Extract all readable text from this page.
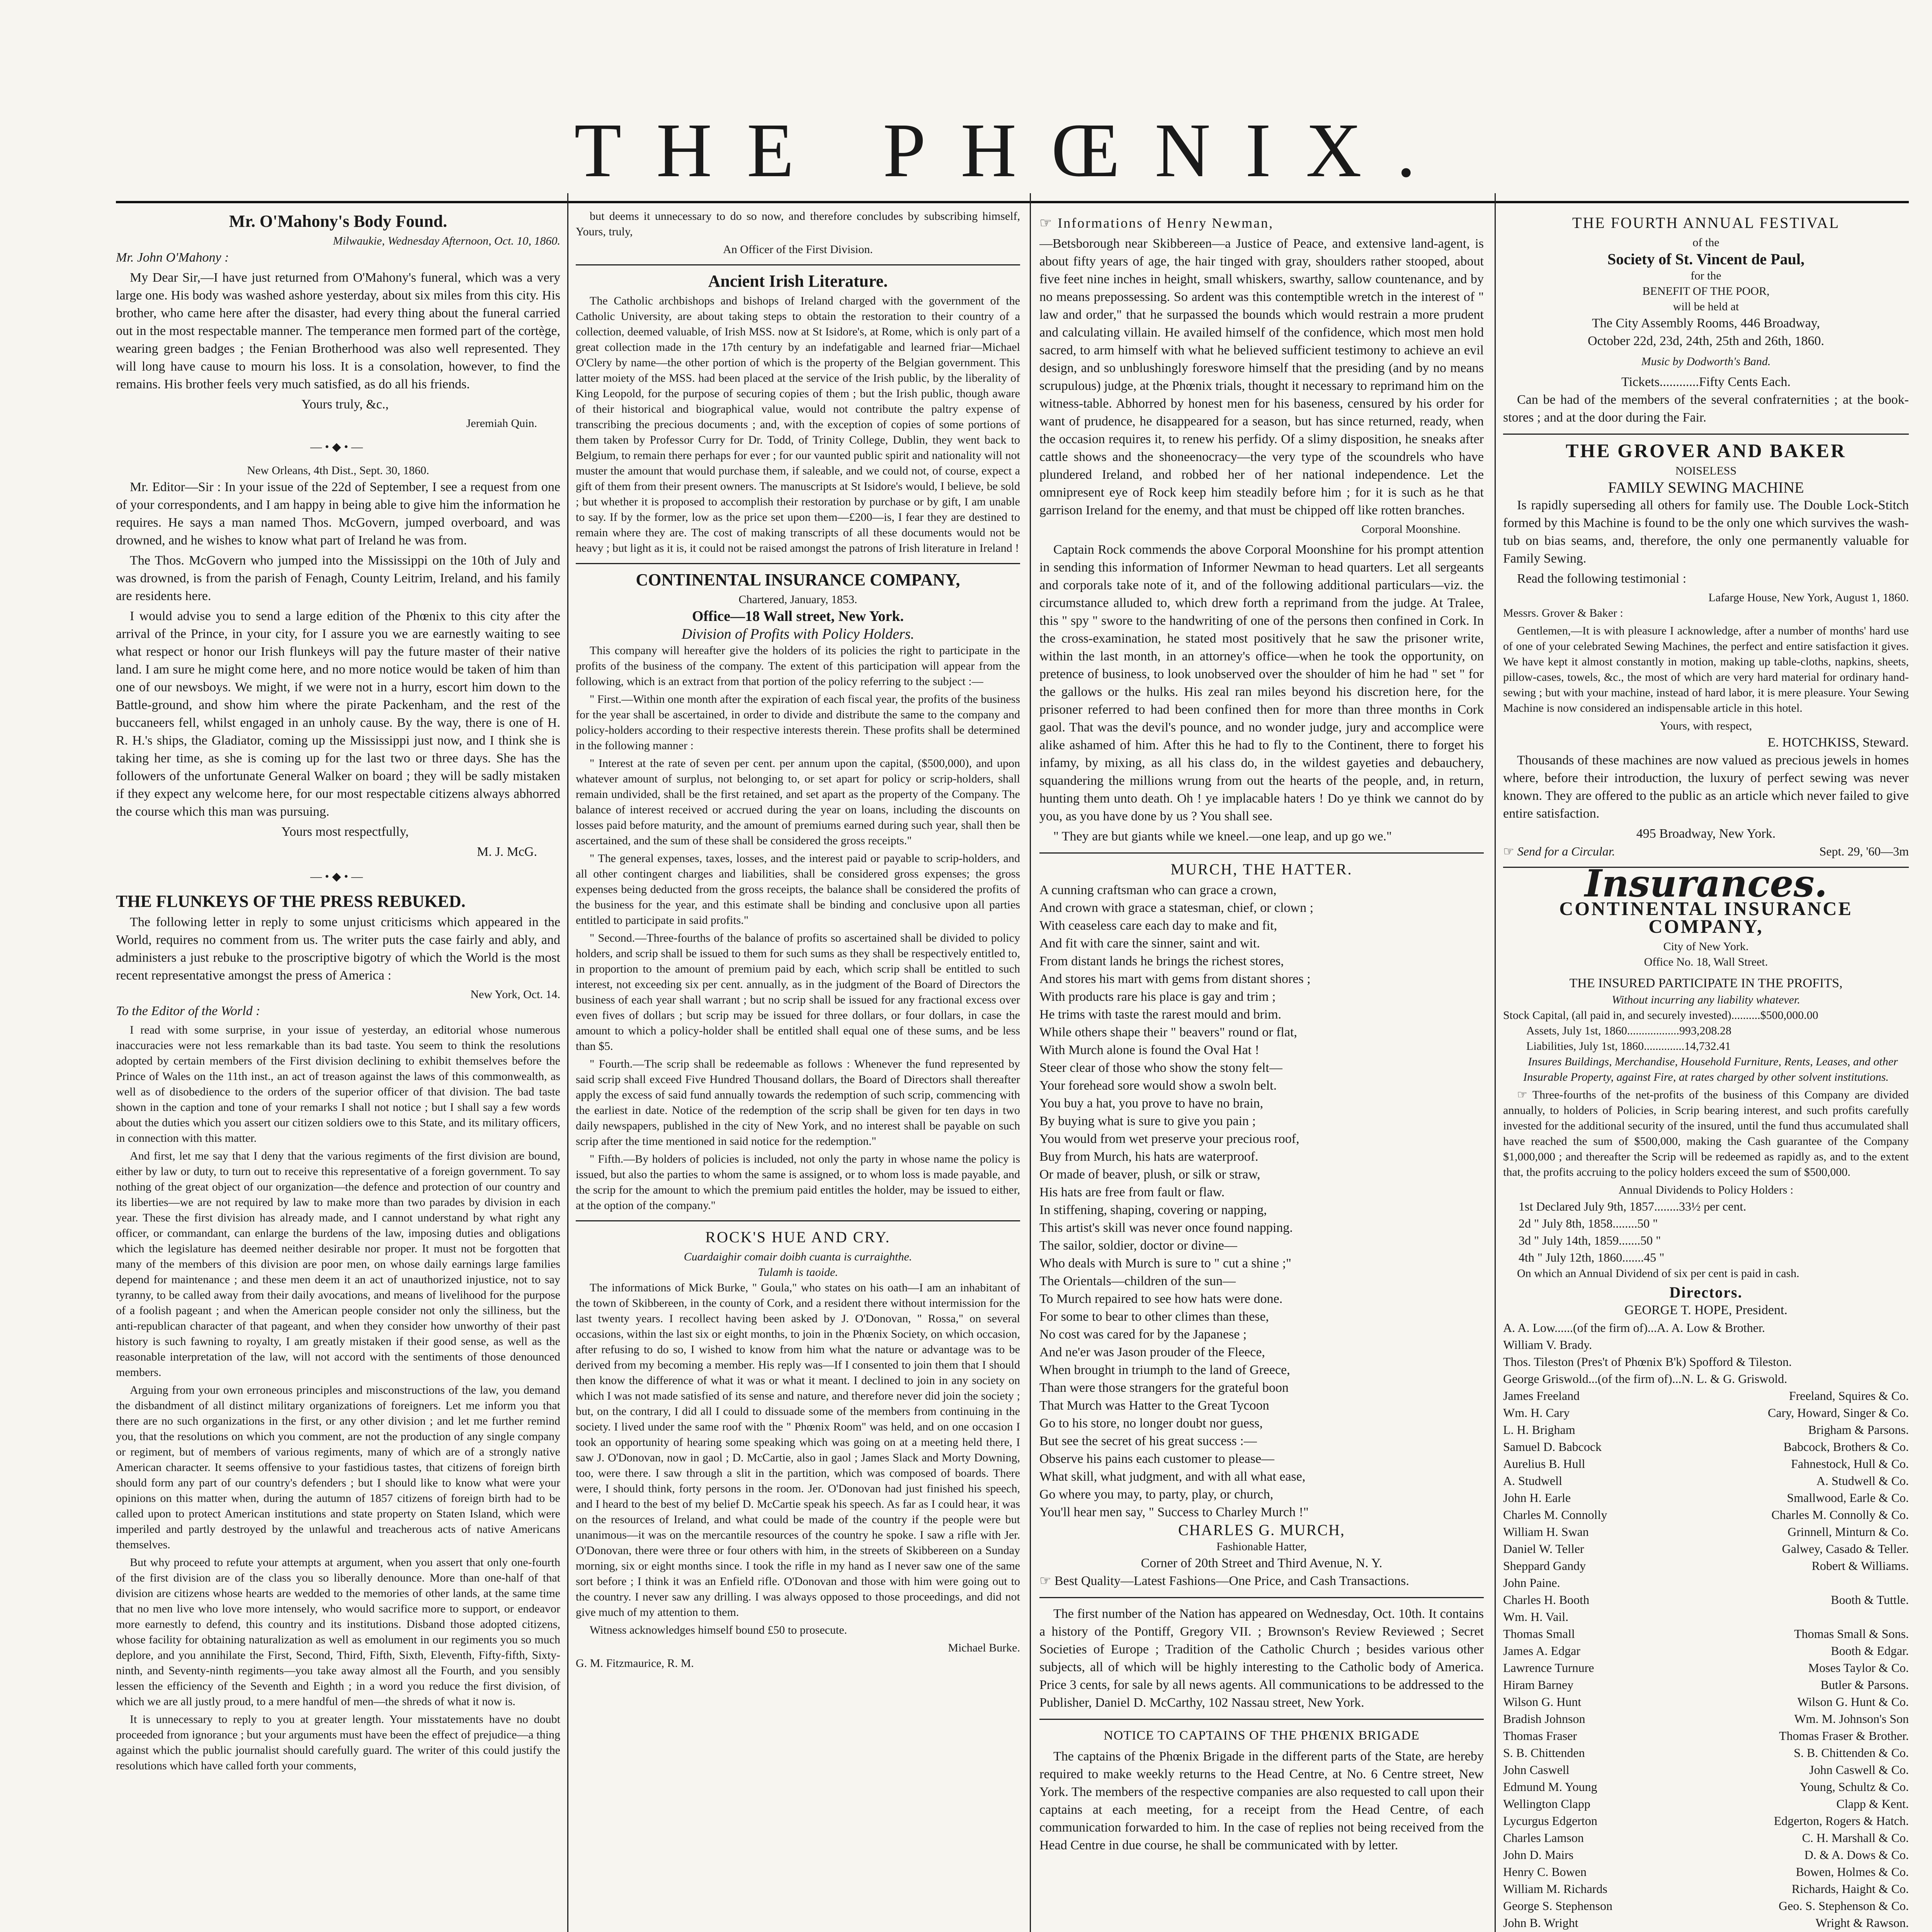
THE PHŒNIX.
Mr. O'Mahony's Body Found.
Milwaukie, Wednesday Afternoon, Oct. 10, 1860.

Mr. John O'Mahony :

My Dear Sir,—I have just returned from O'Mahony's funeral, which was a very large one. His body was washed ashore yesterday, about six miles from this city. His brother, who came here after the disaster, had every thing about the funeral carried out in the most respectable manner. The temperance men formed part of the cortège, wearing green badges ; the Fenian Brotherhood was also well represented. They will long have cause to mourn his loss. It is a consolation, however, to find the remains. His brother feels very much satisfied, as do all his friends.

Yours truly, &c.,

Jeremiah Quin.
—•◆•—
New Orleans, 4th Dist., Sept. 30, 1860.

Mr. Editor—Sir : In your issue of the 22d of September, I see a request from one of your correspondents, and I am happy in being able to give him the information he requires. He says a man named Thos. McGovern, jumped overboard, and was drowned, and he wishes to know what part of Ireland he was from.

The Thos. McGovern who jumped into the Mississippi on the 10th of July and was drowned, is from the parish of Fenagh, County Leitrim, Ireland, and his family are residents here.

I would advise you to send a large edition of the Phœnix to this city after the arrival of the Prince, in your city, for I assure you we are earnestly waiting to see what respect or honor our Irish flunkeys will pay the future master of their native land. I am sure he might come here, and no more notice would be taken of him than one of our newsboys. We might, if we were not in a hurry, escort him down to the Battle-ground, and show him where the pirate Packenham, and the rest of the buccaneers fell, whilst engaged in an unholy cause. By the way, there is one of H. R. H.'s ships, the Gladiator, coming up the Mississippi just now, and I think she is taking her time, as she is coming up for the last two or three days. She has the followers of the unfortunate General Walker on board ; they will be sadly mistaken if they expect any welcome here, for our most respectable citizens always abhorred the course which this man was pursuing.

Yours most respectfully,

M. J. McG.
—•◆•—
THE FLUNKEYS OF THE PRESS REBUKED.

The following letter in reply to some unjust criticisms which appeared in the World, requires no comment from us. The writer puts the case fairly and ably, and administers a just rebuke to the proscriptive bigotry of which the World is the most recent representative amongst the press of America :

New York, Oct. 14.

To the Editor of the World :

I read with some surprise, in your issue of yesterday, an editorial whose numerous inaccuracies were not less remarkable than its bad taste. You seem to think the resolutions adopted by certain members of the First division declining to exhibit themselves before the Prince of Wales on the 11th inst., an act of treason against the laws of this commonwealth, as well as of disobedience to the orders of the superior officer of that division. The bad taste shown in the caption and tone of your remarks I shall not notice ; but I shall say a few words about the duties which you assert our citizen soldiers owe to this State, and its military officers, in connection with this matter.

And first, let me say that I deny that the various regiments of the first division are bound, either by law or duty, to turn out to receive this representative of a foreign government. To say nothing of the great object of our organization—the defence and protection of our country and its liberties—we are not required by law to make more than two parades by division in each year. These the first division has already made, and I cannot understand by what right any officer, or commandant, can enlarge the burdens of the law, imposing duties and obligations which the legislature has deemed neither desirable nor proper. It must not be forgotten that many of the members of this division are poor men, on whose daily earnings large families depend for maintenance ; and these men deem it an act of unauthorized injustice, not to say tyranny, to be called away from their daily avocations, and means of livelihood for the purpose of a foolish pageant ; and when the American people consider not only the silliness, but the anti-republican character of that pageant, and when they consider how unworthy of their past history is such fawning to royalty, I am greatly mistaken if their good sense, as well as the reasonable interpretation of the law, will not accord with the sentiments of those denounced members.

Arguing from your own erroneous principles and misconstructions of the law, you demand the disbandment of all distinct military organizations of foreigners. Let me inform you that there are no such organizations in the first, or any other division ; and let me further remind you, that the resolutions on which you comment, are not the production of any single company or regiment, but of members of various regiments, many of which are of a strongly native American character. It seems offensive to your fastidious tastes, that citizens of foreign birth should form any part of our country's defenders ; but I should like to know what were your opinions on this matter when, during the autumn of 1857 citizens of foreign birth had to be called upon to protect American institutions and state property on Staten Island, which were imperiled and partly destroyed by the unlawful and treacherous acts of native Americans themselves.

But why proceed to refute your attempts at argument, when you assert that only one-fourth of the first division are of the class you so liberally denounce. More than one-half of that division are citizens whose hearts are wedded to the memories of other lands, at the same time that no men live who love more intensely, who would sacrifice more to support, or endeavor more earnestly to defend, this country and its institutions. Disband those adopted citizens, whose facility for obtaining naturalization as well as emolument in our regiments you so much deplore, and you annihilate the First, Second, Third, Fifth, Sixth, Eleventh, Fifty-fifth, Sixty-ninth, and Seventy-ninth regiments—you take away almost all the Fourth, and you sensibly lessen the efficiency of the Seventh and Eighth ; in a word you reduce the first division, of which we are all justly proud, to a mere handful of men—the shreds of what it now is.

It is unnecessary to reply to you at greater length. Your misstatements have no doubt proceeded from ignorance ; but your arguments must have been the effect of prejudice—a thing against which the public journalist should carefully guard. The writer of this could justify the resolutions which have called forth your comments,

but deems it unnecessary to do so now, and therefore concludes by subscribing himself, Yours, truly,

An Officer of the First Division.
Ancient Irish Literature.

The Catholic archbishops and bishops of Ireland charged with the government of the Catholic University, are about taking steps to obtain the restoration to their country of a collection, deemed valuable, of Irish MSS. now at St Isidore's, at Rome, which is only part of a great collection made in the 17th century by an indefatigable and learned friar—Michael O'Clery by name—the other portion of which is the property of the Belgian government. This latter moiety of the MSS. had been placed at the service of the Irish public, by the liberality of King Leopold, for the purpose of securing copies of them ; but the Irish public, though aware of their historical and biographical value, would not contribute the paltry expense of transcribing the precious documents ; and, with the exception of copies of some portions of them taken by Professor Curry for Dr. Todd, of Trinity College, Dublin, they went back to Belgium, to remain there perhaps for ever ; for our vaunted public spirit and nationality will not muster the amount that would purchase them, if saleable, and we could not, of course, expect a gift of them from their present owners. The manuscripts at St Isidore's would, I believe, be sold ; but whether it is proposed to accomplish their restoration by purchase or by gift, I am unable to say. If by the former, low as the price set upon them—£200—is, I fear they are destined to remain where they are. The cost of making transcripts of all these documents would not be heavy ; but light as it is, it could not be raised amongst the patrons of Irish literature in Ireland !

CONTINENTAL INSURANCE COMPANY,
Chartered, January, 1853.
Office—18 Wall street, New York.
Division of Profits with Policy Holders.

This company will hereafter give the holders of its policies the right to participate in the profits of the business of the company. The extent of this participation will appear from the following, which is an extract from that portion of the policy referring to the subject :—

" First.—Within one month after the expiration of each fiscal year, the profits of the business for the year shall be ascertained, in order to divide and distribute the same to the company and policy-holders according to their respective interests therein. These profits shall be determined in the following manner :

" Interest at the rate of seven per cent. per annum upon the capital, ($500,000), and upon whatever amount of surplus, not belonging to, or set apart for policy or scrip-holders, shall remain undivided, shall be the first retained, and set apart as the property of the Company. The balance of interest received or accrued during the year on loans, including the discounts on losses paid before maturity, and the amount of premiums earned during such year, shall then be ascertained, and the sum of these shall be considered the gross receipts."

" The general expenses, taxes, losses, and the interest paid or payable to scrip-holders, and all other contingent charges and liabilities, shall be considered gross expenses; the gross expenses being deducted from the gross receipts, the balance shall be considered the profits of the business for the year, and this estimate shall be binding and conclusive upon all parties entitled to participate in said profits."

" Second.—Three-fourths of the balance of profits so ascertained shall be divided to policy holders, and scrip shall be issued to them for such sums as they shall be respectively entitled to, in proportion to the amount of premium paid by each, which scrip shall be entitled to such interest, not exceeding six per cent. annually, as in the judgment of the Board of Directors the business of each year shall warrant ; but no scrip shall be issued for any fractional excess over even fives of dollars ; but scrip may be issued for three dollars, or four dollars, in case the amount to which a policy-holder shall be entitled shall equal one of these sums, and be less than $5.

" Fourth.—The scrip shall be redeemable as follows : Whenever the fund represented by said scrip shall exceed Five Hundred Thousand dollars, the Board of Directors shall thereafter apply the excess of said fund annually towards the redemption of such scrip, commencing with the earliest in date. Notice of the redemption of the scrip shall be given for ten days in two daily newspapers, published in the city of New York, and no interest shall be payable on such scrip after the time mentioned in said notice for the redemption."

" Fifth.—By holders of policies is included, not only the party in whose name the policy is issued, but also the parties to whom the same is assigned, or to whom loss is made payable, and the scrip for the amount to which the premium paid entitles the holder, may be issued to either, at the option of the company."

ROCK'S HUE AND CRY.
Cuardaighir comair doibh cuanta is curraighthe.
Tulamh is taoide.

The informations of Mick Burke, " Goula," who states on his oath—I am an inhabitant of the town of Skibbereen, in the county of Cork, and a resident there without intermission for the last twenty years. I recollect having been asked by J. O'Donovan, " Rossa," on several occasions, within the last six or eight months, to join in the Phœnix Society, on which occasion, after refusing to do so, I wished to know from him what the nature or advantage was to be derived from my becoming a member. His reply was—If I consented to join them that I should then know the difference of what it was or what it meant. I declined to join in any society on which I was not made satisfied of its sense and nature, and therefore never did join the society ; but, on the contrary, I did all I could to dissuade some of the members from continuing in the society. I lived under the same roof with the " Phœnix Room" was held, and on one occasion I took an opportunity of hearing some speaking which was going on at a meeting held there, I saw J. O'Donovan, now in gaol ; D. McCartie, also in gaol ; James Slack and Morty Downing, too, were there. I saw through a slit in the partition, which was composed of boards. There were, I should think, forty persons in the room. Jer. O'Donovan had just finished his speech, and I heard to the best of my belief D. McCartie speak his speech. As far as I could hear, it was on the resources of Ireland, and what could be made of the country if the people were but unanimous—it was on the mercantile resources of the country he spoke. I saw a rifle with Jer. O'Donovan, there were three or four others with him, in the streets of Skibbereen on a Sunday morning, six or eight months since. I took the rifle in my hand as I never saw one of the same sort before ; I think it was an Enfield rifle. O'Donovan and those with him were going out to the country. I never saw any drilling. I was always opposed to those proceedings, and did not give much of my attention to them.

Witness acknowledges himself bound £50 to prosecute.

Michael Burke.
G. M. Fitzmaurice, R. M.
☞ Informations of Henry Newman,

—Betsborough near Skibbereen—a Justice of Peace, and extensive land-agent, is about fifty years of age, the hair tinged with gray, shoulders rather stooped, about five feet nine inches in height, small whiskers, swarthy, sallow countenance, and by no means prepossessing. So ardent was this contemptible wretch in the interest of " law and order," that he surpassed the bounds which would restrain a more prudent and calculating villain. He availed himself of the confidence, which most men hold sacred, to arm himself with what he believed sufficient testimony to achieve an evil design, and so unblushingly foreswore himself that the presiding (and by no means scrupulous) judge, at the Phœnix trials, thought it necessary to reprimand him on the witness-table. Abhorred by honest men for his baseness, censured by his order for want of prudence, he disappeared for a season, but has since returned, ready, when the occasion requires it, to renew his perfidy. Of a slimy disposition, he sneaks after cattle shows and the shoneenocracy—the very type of the scoundrels who have plundered Ireland, and robbed her of her national independence. Let the omnipresent eye of Rock keep him steadily before him ; for it is such as he that garrison Ireland for the enemy, and that must be chipped off like rotten branches.

Corporal Moonshine.

Captain Rock commends the above Corporal Moonshine for his prompt attention in sending this information of Informer Newman to head quarters. Let all sergeants and corporals take note of it, and of the following additional particulars—viz. the circumstance alluded to, which drew forth a reprimand from the judge. At Tralee, this " spy " swore to the handwriting of one of the persons then confined in Cork. In the cross-examination, he stated most positively that he saw the prisoner write, within the last month, in an attorney's office—when he took the opportunity, on pretence of business, to look unobserved over the shoulder of him he had " set " for the gallows or the hulks. His zeal ran miles beyond his discretion here, for the prisoner referred to had been confined then for more than three months in Cork gaol. That was the devil's pounce, and no wonder judge, jury and accomplice were alike ashamed of him. After this he had to fly to the Continent, there to forget his infamy, by mixing, as all his class do, in the wildest gayeties and debauchery, squandering the millions wrung from out the hearts of the people, and, in return, hunting them unto death. Oh ! ye implacable haters ! Do ye think we cannot do by you, as you have done by us ? You shall see.

" They are but giants while we kneel.—one leap, and up go we."

MURCH, THE HATTER.
A cunning craftsman who can grace a crown,
And crown with grace a statesman, chief, or clown ;
With ceaseless care each day to make and fit,
And fit with care the sinner, saint and wit.
From distant lands he brings the richest stores,
And stores his mart with gems from distant shores ;
With products rare his place is gay and trim ;
He trims with taste the rarest mould and brim.
While others shape their " beavers" round or flat,
With Murch alone is found the Oval Hat !
Steer clear of those who show the stony felt—
Your forehead sore would show a swoln belt.
You buy a hat, you prove to have no brain,
By buying what is sure to give you pain ;
You would from wet preserve your precious roof,
Buy from Murch, his hats are waterproof.
Or made of beaver, plush, or silk or straw,
His hats are free from fault or flaw.
In stiffening, shaping, covering or napping,
This artist's skill was never once found napping.
The sailor, soldier, doctor or divine—
Who deals with Murch is sure to " cut a shine ;"
The Orientals—children of the sun—
To Murch repaired to see how hats were done.
For some to bear to other climes than these,
No cost was cared for by the Japanese ;
And ne'er was Jason prouder of the Fleece,
When brought in triumph to the land of Greece,
Than were those strangers for the grateful boon
That Murch was Hatter to the Great Tycoon
Go to his store, no longer doubt nor guess,
But see the secret of his great success :—
Observe his pains each customer to please—
What skill, what judgment, and with all what ease,
Go where you may, to party, play, or church,
You'll hear men say, " Success to Charley Murch !"
CHARLES G. MURCH,
Fashionable Hatter,
Corner of 20th Street and Third Avenue, N. Y.

☞ Best Quality—Latest Fashions—One Price, and Cash Transactions.

The first number of the Nation has appeared on Wednesday, Oct. 10th. It contains a history of the Pontiff, Gregory VII. ; Brownson's Review Reviewed ; Secret Societies of Europe ; Tradition of the Catholic Church ; besides various other subjects, all of which will be highly interesting to the Catholic body of America. Price 3 cents, for sale by all news agents. All communications to be addressed to the Publisher, Daniel D. McCarthy, 102 Nassau street, New York.

NOTICE TO CAPTAINS OF THE PHŒNIX BRIGADE

The captains of the Phœnix Brigade in the different parts of the State, are hereby required to make weekly returns to the Head Centre, at No. 6 Centre street, New York. The members of the respective companies are also requested to call upon their captains at each meeting, for a receipt from the Head Centre, of each communication forwarded to him. In the case of replies not being received from the Head Centre in due course, he shall be communicated with by letter.

THE FOURTH ANNUAL FESTIVAL
of the
Society of St. Vincent de Paul,
for the
BENEFIT OF THE POOR,
will be held at
The City Assembly Rooms, 446 Broadway,
October 22d, 23d, 24th, 25th and 26th, 1860.
Music by Dodworth's Band.
Tickets............Fifty Cents Each.

Can be had of the members of the several confraternities ; at the book-stores ; and at the door during the Fair.

THE GROVER AND BAKER
NOISELESS
FAMILY SEWING MACHINE

Is rapidly superseding all others for family use. The Double Lock-Stitch formed by this Machine is found to be the only one which survives the wash-tub on bias seams, and, therefore, the only one permanently valuable for Family Sewing.

Read the following testimonial :

Lafarge House, New York, August 1, 1860.

Messrs. Grover & Baker :

Gentlemen,—It is with pleasure I acknowledge, after a number of months' hard use of one of your celebrated Sewing Machines, the perfect and entire satisfaction it gives. We have kept it almost constantly in motion, making up table-cloths, napkins, sheets, pillow-cases, towels, &c., the most of which are very hard material for ordinary hand-sewing ; but with your machine, instead of hard labor, it is mere pleasure. Your Sewing Machine is now considered an indispensable article in this hotel.

Yours, with respect,
E. HOTCHKISS, Steward.

Thousands of these machines are now valued as precious jewels in homes where, before their introduction, the luxury of perfect sewing was never known. They are offered to the public as an article which never failed to give entire satisfaction.

495 Broadway, New York.
☞ Send for a Circular.	Sept. 29, '60—3m
Insurances.
CONTINENTAL INSURANCE COMPANY,
City of New York.
Office No. 18, Wall Street.
THE INSURED PARTICIPATE IN THE PROFITS,
Without incurring any liability whatever.
Stock Capital, (all paid in, and securely invested)..........$500,000.00
Assets, July 1st, 1860..................993,208.28
Liabilities, July 1st, 1860..............14,732.41

Insures Buildings, Merchandise, Household Furniture, Rents, Leases, and other Insurable Property, against Fire, at rates charged by other solvent institutions.

☞ Three-fourths of the net-profits of the business of this Company are divided annually, to holders of Policies, in Scrip bearing interest, and such profits carefully invested for the additional security of the insured, until the fund thus accumulated shall have reached the sum of $500,000, making the Cash guarantee of the Company $1,000,000 ; and thereafter the Scrip will be redeemed as rapidly as, and to the extent that, the profits accruing to the policy holders exceed the sum of $500,000.

Annual Dividends to Policy Holders :
1st Declared July 9th, 1857........33½ per cent.
2d " July 8th, 1858........50 "
3d " July 14th, 1859.......50 "
4th " July 12th, 1860.......45 "

On which an Annual Dividend of six per cent is paid in cash.

Directors.
GEORGE T. HOPE, President.
A. A. Low......(of the firm of)...A. A. Low & Brother.
William V. Brady.
Thos. Tileston (Pres't of Phœnix B'k) Spofford & Tileston.
George Griswold...(of the firm of)...N. L. & G. Griswold.
James Freeland	Freeland, Squires & Co.
Wm. H. Cary	Cary, Howard, Singer & Co.
L. H. Brigham	Brigham & Parsons.
Samuel D. Babcock	Babcock, Brothers & Co.
Aurelius B. Hull	Fahnestock, Hull & Co.
A. Studwell	A. Studwell & Co.
John H. Earle	Smallwood, Earle & Co.
Charles M. Connolly	Charles M. Connolly & Co.
William H. Swan	Grinnell, Minturn & Co.
Daniel W. Teller	Galwey, Casado & Teller.
Sheppard Gandy	Robert & Williams.
John Paine.
Charles H. Booth	Booth & Tuttle.
Wm. H. Vail.
Thomas Small	Thomas Small & Sons.
James A. Edgar	Booth & Edgar.
Lawrence Turnure	Moses Taylor & Co.
Hiram Barney	Butler & Parsons.
Wilson G. Hunt	Wilson G. Hunt & Co.
Bradish Johnson	Wm. M. Johnson's Son
Thomas Fraser	Thomas Fraser & Brother.
S. B. Chittenden	S. B. Chittenden & Co.
John Caswell	John Caswell & Co.
Edmund M. Young	Young, Schultz & Co.
Wellington Clapp	Clapp & Kent.
Lycurgus Edgerton	Edgerton, Rogers & Hatch.
Charles Lamson	C. H. Marshall & Co.
John D. Mairs	D. & A. Dows & Co.
Henry C. Bowen	Bowen, Holmes & Co.
William M. Richards	Richards, Haight & Co.
George S. Stephenson	Geo. S. Stephenson & Co.
John B. Wright	Wright & Rawson.
